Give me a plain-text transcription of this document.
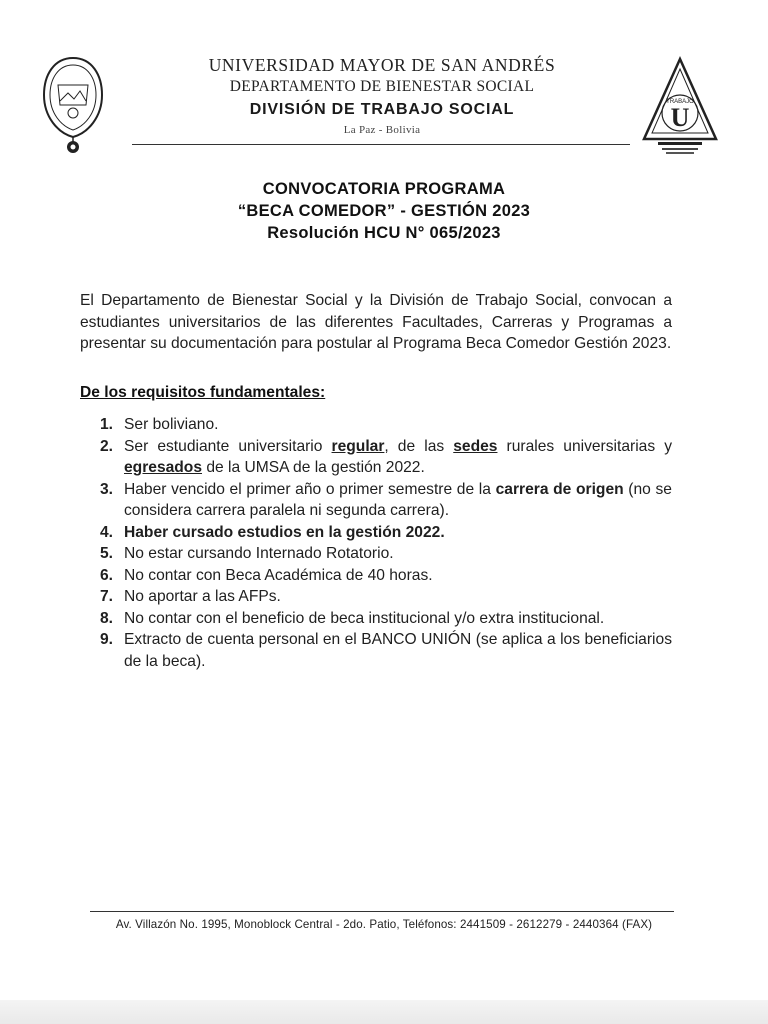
UNIVERSIDAD MAYOR DE SAN ANDRÉS
DEPARTAMENTO DE BIENESTAR SOCIAL
DIVISIÓN DE TRABAJO SOCIAL
La Paz - Bolivia
TRABAJO
U
CONVOCATORIA PROGRAMA
“BECA COMEDOR” - GESTIÓN 2023
Resolución HCU N° 065/2023

El Departamento de Bienestar Social y la División de Trabajo Social, convocan a estudiantes universitarios de las diferentes Facultades, Carreras y Programas a presentar su documentación para postular al Programa Beca Comedor Gestión 2023.

De los requisitos fundamentales:
1. Ser boliviano.
2. Ser estudiante universitario regular, de las sedes rurales universitarias y egresados de la UMSA de la gestión 2022.
3. Haber vencido el primer año o primer semestre de la carrera de origen (no se considera carrera paralela ni segunda carrera).
4. Haber cursado estudios en la gestión 2022.
5. No estar cursando Internado Rotatorio.
6. No contar con Beca Académica de 40 horas.
7. No aportar a las AFPs.
8. No contar con el beneficio de beca institucional y/o extra institucional.
9. Extracto de cuenta personal en el BANCO UNIÓN (se aplica a los beneficiarios de la beca).
Av. Villazón No. 1995, Monoblock Central - 2do. Patio, Teléfonos: 2441509 - 2612279 - 2440364 (FAX)
